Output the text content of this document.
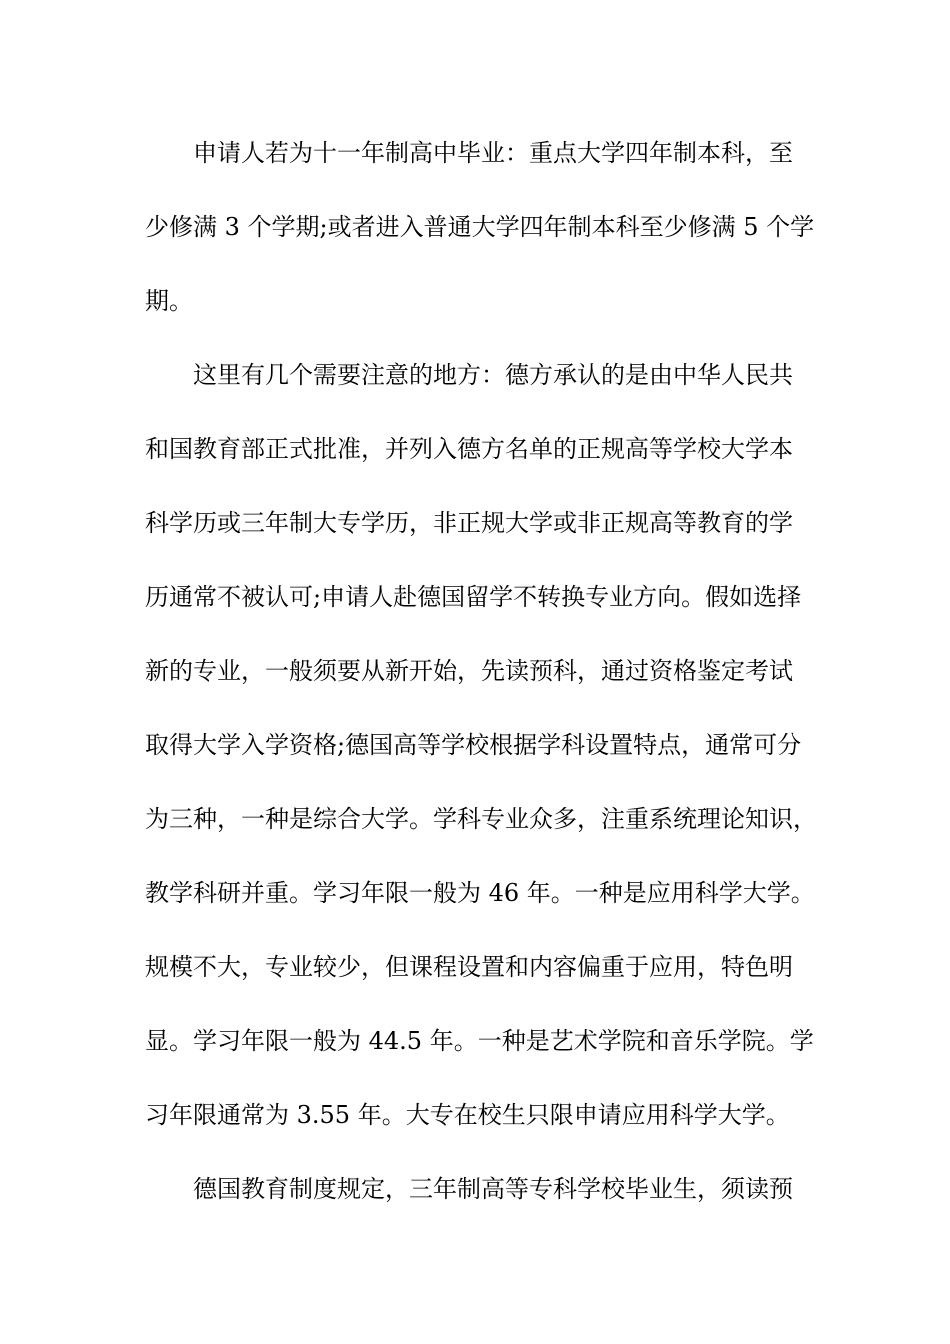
申请人若为十一年制高中毕业：重点大学四年制本科，至
少修满 3 个学期;或者进入普通大学四年制本科至少修满 5 个学
期。
这里有几个需要注意的地方：德方承认的是由中华人民共
和国教育部正式批准，并列入德方名单的正规高等学校大学本
科学历或三年制大专学历，非正规大学或非正规高等教育的学
历通常不被认可;申请人赴德国留学不转换专业方向。假如选择
新的专业，一般须要从新开始，先读预科，通过资格鉴定考试
取得大学入学资格;德国高等学校根据学科设置特点，通常可分
为三种，一种是综合大学。学科专业众多，注重系统理论知识，
教学科研并重。学习年限一般为 46 年。一种是应用科学大学。
规模不大，专业较少，但课程设置和内容偏重于应用，特色明
显。学习年限一般为 44.5 年。一种是艺术学院和音乐学院。学
习年限通常为 3.55 年。大专在校生只限申请应用科学大学。
德国教育制度规定，三年制高等专科学校毕业生，须读预
